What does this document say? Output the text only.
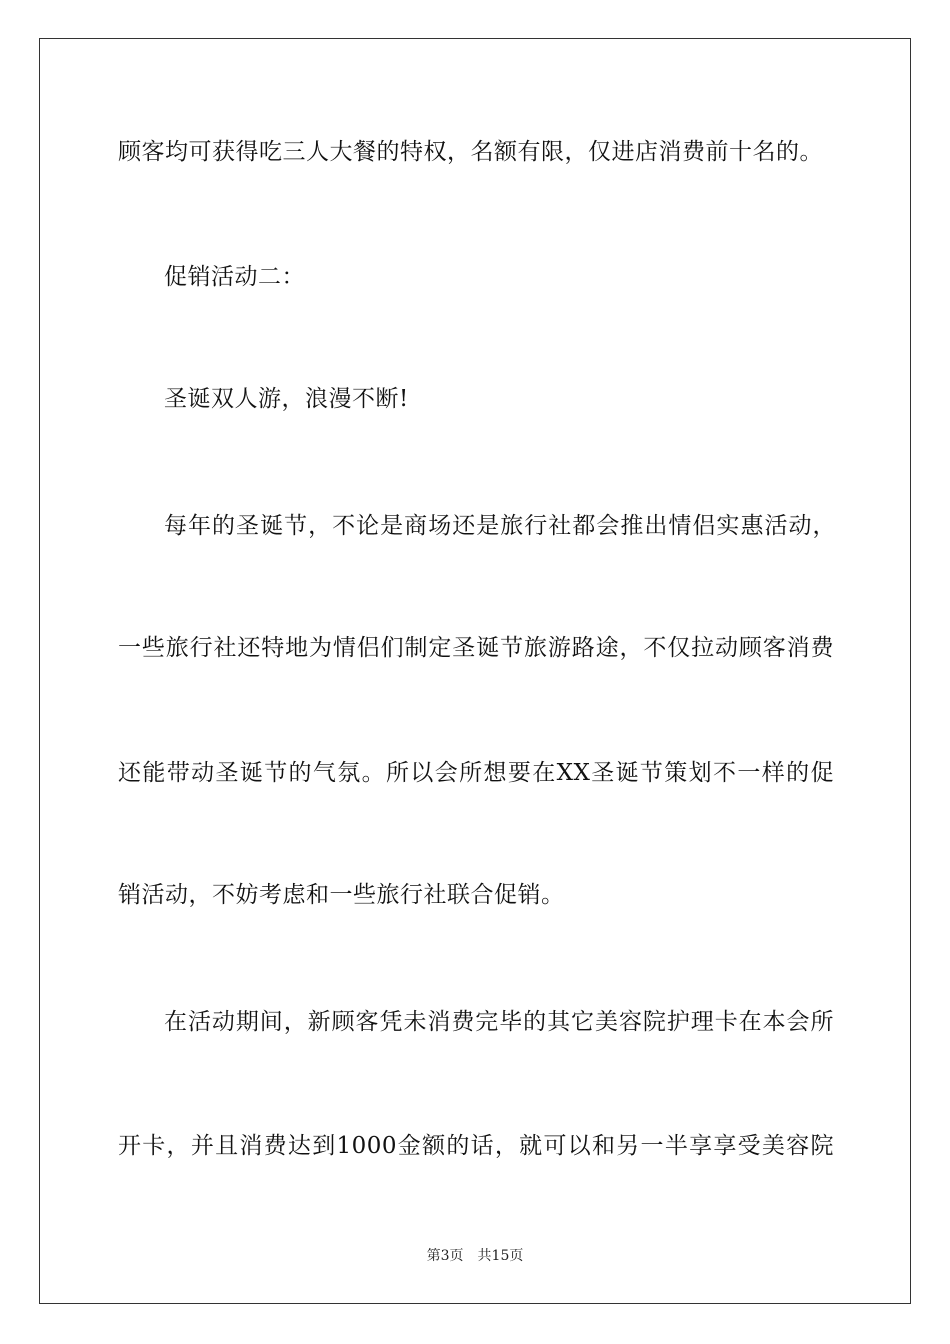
顾客均可获得吃三人大餐的特权，名额有限，仅进店消费前十名的。
促销活动二：
圣诞双人游，浪漫不断!
每年的圣诞节，不论是商场还是旅行社都会推出情侣实惠活动，
一些旅行社还特地为情侣们制定圣诞节旅游路途，不仅拉动顾客消费
还能带动圣诞节的气氛。所以会所想要在XX圣诞节策划不一样的促
销活动，不妨考虑和一些旅行社联合促销。
在活动期间，新顾客凭未消费完毕的其它美容院护理卡在本会所
开卡，并且消费达到1000金额的话，就可以和另一半享享受美容院
第3页 共15页
